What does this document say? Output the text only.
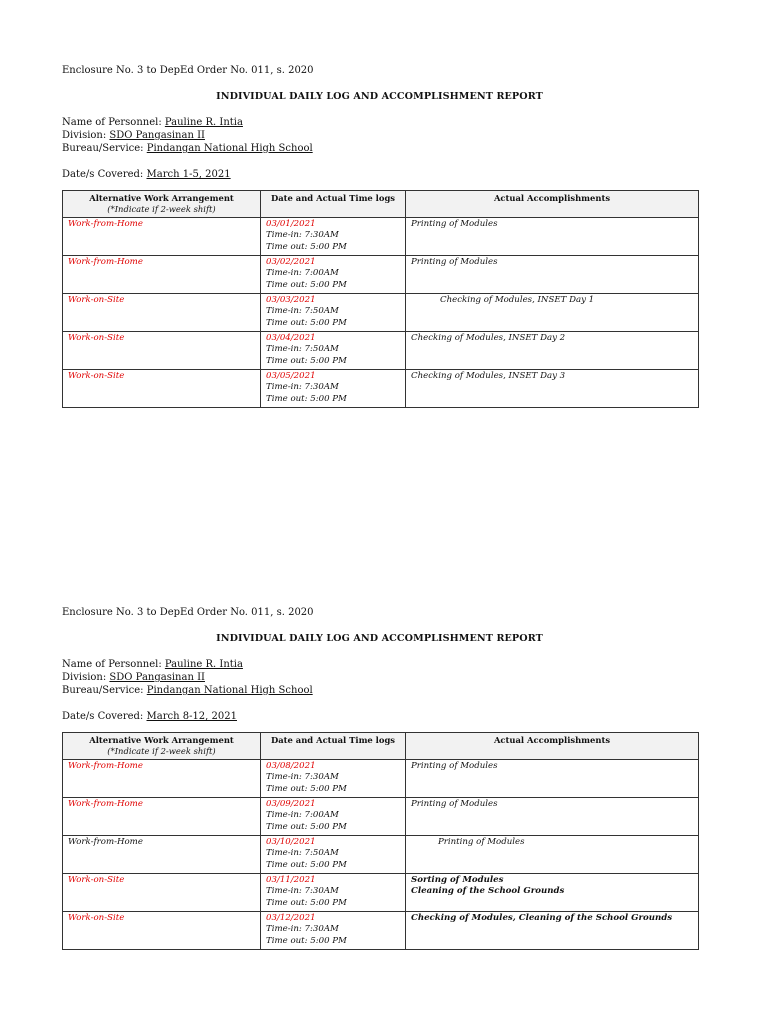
Enclosure No. 3 to DepEd Order No. 011, s. 2020

INDIVIDUAL DAILY LOG AND ACCOMPLISHMENT REPORT

Name of Personnel: Pauline R. Intia
Division: SDO Pangasinan II
Bureau/Service: Pindangan National High School
Date/s Covered: March 1-5, 2021
Alternative Work Arrangement
(*Indicate if 2-week shift)	Date and Actual Time logs	Actual Accomplishments
Work-from-Home	03/01/2021
Time-in: 7:30AM
Time out: 5:00 PM	Printing of Modules
Work-from-Home	03/02/2021
Time-in: 7:00AM
Time out: 5:00 PM	Printing of Modules
Work-on-Site	03/03/2021
Time-in: 7:50AM
Time out: 5:00 PM	Checking of Modules, INSET Day 1
Work-on-Site	03/04/2021
Time-in: 7:50AM
Time out: 5:00 PM	Checking of Modules, INSET Day 2
Work-on-Site	03/05/2021
Time-in: 7:30AM
Time out: 5:00 PM	Checking of Modules, INSET Day 3

Enclosure No. 3 to DepEd Order No. 011, s. 2020

INDIVIDUAL DAILY LOG AND ACCOMPLISHMENT REPORT

Name of Personnel: Pauline R. Intia
Division: SDO Pangasinan II
Bureau/Service: Pindangan National High School
Date/s Covered: March 8-12, 2021
Alternative Work Arrangement
(*Indicate if 2-week shift)	Date and Actual Time logs	Actual Accomplishments
Work-from-Home	03/08/2021
Time-in: 7:30AM
Time out: 5:00 PM	Printing of Modules
Work-from-Home	03/09/2021
Time-in: 7:00AM
Time out: 5:00 PM	Printing of Modules
Work-from-Home	03/10/2021
Time-in: 7:50AM
Time out: 5:00 PM	Printing of Modules
Work-on-Site	03/11/2021
Time-in: 7:30AM
Time out: 5:00 PM	Sorting of Modules
Cleaning of the School Grounds

Work-on-Site	03/12/2021
Time-in: 7:30AM
Time out: 5:00 PM	Checking of Modules, Cleaning of the School Grounds
